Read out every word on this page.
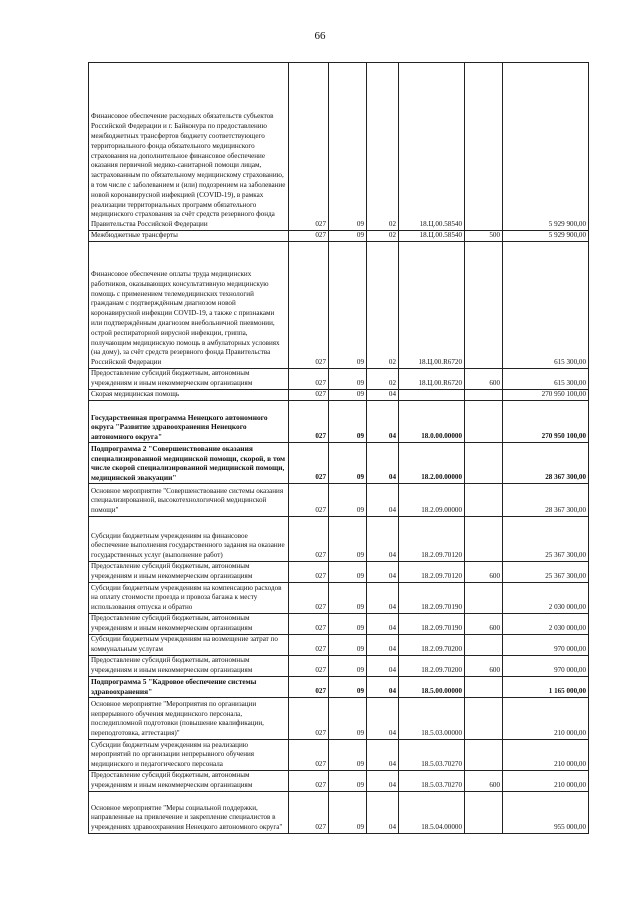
66
Финансовое обеспечение расходных обязательств субъектов Российской Федерации и г. Байконура по предоставлению межбюджетных трансфертов бюджету соответствующего территориального фонда обязательного медицинского страхования на дополнительное финансовое обеспечение оказания первичной медико-санитарной помощи лицам, застрахованным по обязательному медицинскому страхованию, в том числе с заболеванием и (или) подозрением на заболевание новой коронавирусной инфекцией (COVID-19), в рамках реализации территориальных программ обязательного медицинского страхования за счёт средств резервного фонда Правительства Российской Федерации	027	09	02	18.Ц.00.58540		5 929 900,00
Межбюджетные трансферты	027	09	02	18.Ц.00.58540	500	5 929 900,00
Финансовое обеспечение оплаты труда медицинских работников, оказывающих консультативную медицинскую помощь с применением телемедицинских технологий гражданам с подтверждённым диагнозом новой коронавирусной инфекции COVID-19, а также с признаками или подтверждённым диагнозом внебольничной пневмонии, острой респираторной вирусной инфекции, гриппа, получающим медицинскую помощь в амбулаторных условиях (на дому), за счёт средств резервного фонда Правительства Российской Федерации	027	09	02	18.Ц.00.R6720		615 300,00
Предоставление субсидий бюджетным, автономным учреждениям и иным некоммерческим организациям	027	09	02	18.Ц.00.R6720	600	615 300,00
Скорая медицинская помощь	027	09	04			270 950 100,00
Государственная программа Ненецкого автономного округа "Развитие здравоохранения Ненецкого автономного округа"	027	09	04	18.0.00.00000		270 950 100,00
Подпрограмма 2 "Совершенствование оказания специализированной медицинской помощи, скорой, в том числе скорой специализированной медицинской помощи, медицинской эвакуации"	027	09	04	18.2.00.00000		28 367 300,00
Основное мероприятие "Совершенствование системы оказания специализированной, высокотехнологичной медицинской помощи"	027	09	04	18.2.09.00000		28 367 300,00
Субсидии бюджетным учреждениям на финансовое обеспечение выполнения государственного задания на оказание государственных услуг (выполнение работ)	027	09	04	18.2.09.70120		25 367 300,00
Предоставление субсидий бюджетным, автономным учреждениям и иным некоммерческим организациям	027	09	04	18.2.09.70120	600	25 367 300,00
Субсидии бюджетным учреждениям на компенсацию расходов на оплату стоимости проезда и провоза багажа к месту использования отпуска и обратно	027	09	04	18.2.09.70190		2 030 000,00
Предоставление субсидий бюджетным, автономным учреждениям и иным некоммерческим организациям	027	09	04	18.2.09.70190	600	2 030 000,00
Субсидии бюджетным учреждениям на возмещение затрат по коммунальным услугам	027	09	04	18.2.09.70200		970 000,00
Предоставление субсидий бюджетным, автономным учреждениям и иным некоммерческим организациям	027	09	04	18.2.09.70200	600	970 000,00
Подпрограмма 5 "Кадровое обеспечение системы здравоохранения"	027	09	04	18.5.00.00000		1 165 000,00
Основное мероприятие "Мероприятия по организации непрерывного обучения медицинского персонала, последипломной подготовки (повышение квалификации, переподготовка, аттестация)"	027	09	04	18.5.03.00000		210 000,00
Субсидии бюджетным учреждениям на реализацию мероприятий по организации непрерывного обучения медицинского и педагогического персонала	027	09	04	18.5.03.70270		210 000,00
Предоставление субсидий бюджетным, автономным учреждениям и иным некоммерческим организациям	027	09	04	18.5.03.70270	600	210 000,00
Основное мероприятие "Меры социальной поддержки, направленные на привлечение и закрепление специалистов в учреждениях здравоохранения Ненецкого автономного округа"	027	09	04	18.5.04.00000		955 000,00
